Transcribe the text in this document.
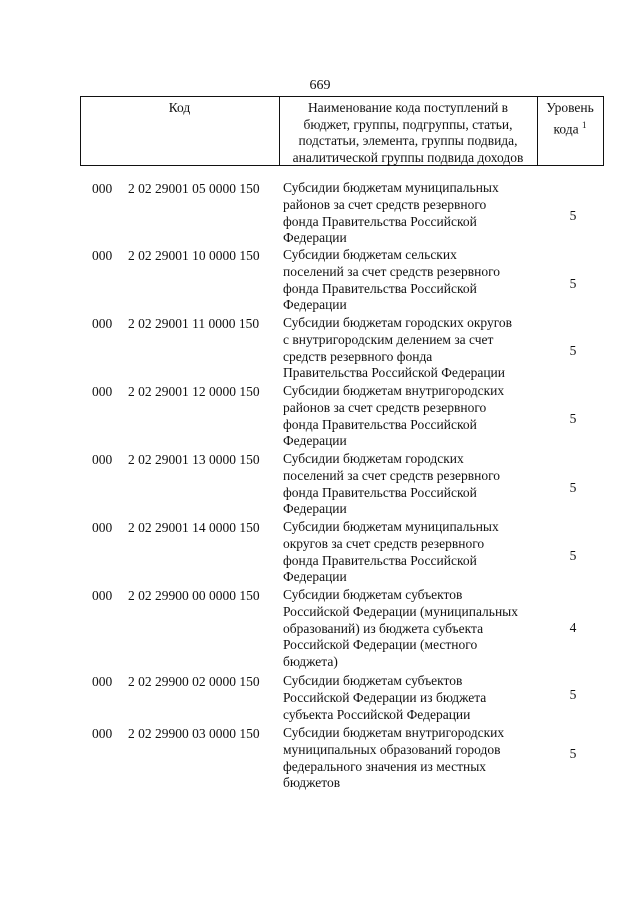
669
Код	Наименование кода поступлений в
бюджет, группы, подгруппы, статьи,
подстатьи, элемента, группы подвида,
аналитической группы подвида доходов
Уровень
кода $^1$
000 2 02 29001 05 0000 150 Субсидии бюджетам муниципальных
районов за счет средств резервного
фонда Правительства Российской
Федерации
5
000 2 02 29001 10 0000 150 Субсидии бюджетам сельских
поселений за счет средств резервного
фонда Правительства Российской
Федерации
5
000 2 02 29001 11 0000 150 Субсидии бюджетам городских округов
с внутригородским делением за счет
средств резервного фонда
Правительства Российской Федерации
5
000 2 02 29001 12 0000 150 Субсидии бюджетам внутригородских
районов за счет средств резервного
фонда Правительства Российской
Федерации
5
000 2 02 29001 13 0000 150 Субсидии бюджетам городских
поселений за счет средств резервного
фонда Правительства Российской
Федерации
5
000 2 02 29001 14 0000 150 Субсидии бюджетам муниципальных
округов за счет средств резервного
фонда Правительства Российской
Федерации
5
000 2 02 29900 00 0000 150 Субсидии бюджетам субъектов
Российской Федерации (муниципальных
образований) из бюджета субъекта
Российской Федерации (местного
бюджета)
4
000 2 02 29900 02 0000 150 Субсидии бюджетам субъектов
Российской Федерации из бюджета
субъекта Российской Федерации
5
000 2 02 29900 03 0000 150 Субсидии бюджетам внутригородских
муниципальных образований городов
федерального значения из местных
бюджетов
5
